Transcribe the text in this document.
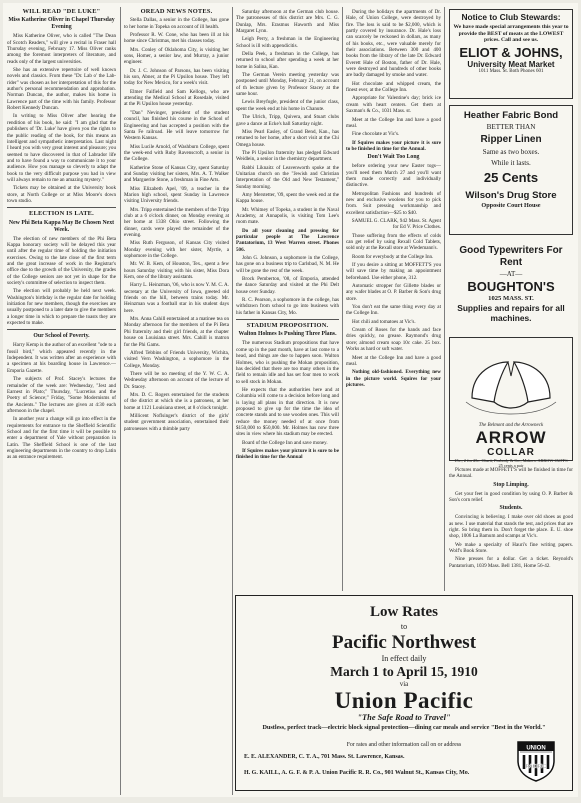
WILL READ "DE LUKE"

Miss Katherine Oliver in Chapel Thursday Evening

Miss Katherine Oliver, who is called "The Dean of Scotch Readers," will give a recital in Fraser hall Thursday evening, February 17. Miss Oliver ranks among the foremost interpreters of literature, and reads only of the largest universities.

She has an extensive repertoire of well known novels and classics. From these "Dr. Lab o' the Lab- rider" was chosen as her interpretation of this for the author's personal recommendation and approbation. Norman Duncan, the author, makes his home in Lawrence part of the time with his family. Professor Robert Kennedy Duncan.

In writing to Miss Oliver after hearing the rendition of his book, he said: "I am glad that the publishers of 'Dr. Luke' have given you the rights to the public reading of the book, for this means an intelligent and sympathetic interpretation. Last night I heard you with very great interest and pleasure; you seemed to have discovered in that of Labrador life and to have found a way to communicate it to your audience. How you manage so cleverly to adapt the book to the very difficult purpose you had in view will always remain to me an amazing mystery."

Tickets may be obtained at the University book store, at North College or at Miss Moore's down town studio.

ELECTION IS LATE.

New Phi Beta Kappa May Be Chosen Next Week.

The election of new members of the Phi Beta Kappa honorary society will be delayed this year until after the regular time of holding the initiation exercises. Owing to the late close of the first term and the great increase of work in the Registrar's office due to the growth of the University, the grades of the College seniors are not yet in shape for the society's committee of selection to inspect them.

The election will probably be held next week. Washington's birthday is the regular date for holding initiation for new members, though the exercises are usually postponed to a later date to give the members a longer time in which to prepare the toasts they are expected to make.

Our School of Poverty.

Harry Kemp is the author of an excellent "ode to a fossil bird," which appeared recently in the Independent. It was written after an experience with a specimen at his boarding house in Lawrence.—Emporia Gazette.

The subjects of Prof. Stacey's lectures the remainder of the week are: Wednesday, "Jest and Earnest in Plato;" Thursday, "Lucretius and the Poetry of Science;" Friday, "Some Modernisms of the Ancients." The lectures are given at 4:30 each afternoon in the chapel.

In another year a change will go into effect in the requirements for entrance to the Sheffield Scientific School and for the first time it will be possible to enter a department of Yale without preparation in Latin. The Sheffield School is one of the last engineering departments in the country to drop Latin as an entrance requirement.

OREAD NEWS NOTES.

Stella Dallas, a senior in the College, has gone to her home in Topeka on account of ill health.

Professor R. W. Cone, who has been ill at his home since Christmas, met his classes today.

Mrs. Conley of Oklahoma City, is visiting her sons, Homer, a senior law, and Murray, a junior engineer.

Dr. J. C. Johnson of Parsons, has been visiting his son, Abner, at the Pi Upsilon house. They left today for New Mexico, for a week's visit.

Elmer Faifield and Sam Kellogs, who are attending the Medical School at Rosedale, visited at the Pi Upsilon house yesterday.

"Dan" Nevinger, president of the student council, has finished his course in the School of Engineering and has accepted a position with the Santa Fe railroad. He will leave tomorrow for Western Kansas.

Miss Lucile Arnold, of Washburn College, spent the week-end with Ruby Ravenscroft, a senior in the College.

Katherine Stone of Kansas City, spent Saturday and Sunday visiting her sisters, Mrs. A. T. Walker and Marguerite Stone, a freshman in Fine Arts.

Miss Elizabeth Apel, '09, a teacher in the Marion high school, spent Sunday in Lawrence visiting University friends.

Mrs. Tripp entertained the members of the Tripp club at a 6 o'clock dinner, on Monday evening at her home at 1338 Ohio street. Following the dinner, cards were played the remainder of the evening.

Miss Ruth Ferguson, of Kansas City visited Monday evening with her sister, Myrtle, a sophomore in the College.

Mr. W. B. Kem, of Houston, Tex., spent a few hours Saturday visiting with his sister, Miss Dora Kem, one of the library assistants.

Harry L. Heinzman, '06, who is now Y. M. C. A. secretary at the University of Iowa, greeted old friends on the hill, between trains today. Mr. Heinzman was a football star in his student days here.

Mrs. Anna Cahill entertained at a matinee tea on Monday afternoon for the members of the Pi Beta Phi fraternity and their girl friends, at the chapter house on Louisiana street. Mrs. Cahill is matron for the Phi Gams.

Alfred Tebbins of Friends University, Wichita, visited Vern Washington, a sophomore in the College, Monday.

There will be no meeting of the Y. W. C. A. Wednesday afternoon on account of the lecture of Dr. Stacey.

Mrs. D. C. Rogers entertained for the students of the district at which she is a patroness, at her home at 1121 Louisiana street, at 8 o'clock tonight.

Millicent Noflsinger's district of the girls' student government association, entertained their patronesses with a thimble party

Saturday afternoon at the German club house. The patronesses of this district are Mrs. C. G. Dunlap, Mrs. Erasmus Haworth and Miss Margaret Lynn.

Leigh Perry, a freshman in the Engineering School is ill with appendicitis.

Della Peek, a freshman in the College, has returned to school after spending a week at her home in Salina, Kan.

The German Verein meeting yesterday was postponed until Monday, February 21, on account of th lecture given by Professor Stacey at the same hour.

Lewis Breyfogle, president of the junior class, spent the week end at his home in Chanute.

The Ulrich, Tripp, Quivera, and Stuart clubs gave a dance at Ecke's hall Saturday night.

Miss Pearl Easley, of Grand Bend, Kan., has returned to her home, after a short visit at the Chi Omega house.

The Pi Upsilon fraternity has pledged Edward Weidlein, a senior in the chemistry department.

Rabbi Liknaitz of Leavenworth spoke at the Unitarian church on the "Jewish and Christian Interpretation of the Old and New Testament," Sunday morning.

Amy Merstetter, '09, spent the week end at the Kappa house.

Mr. Whitney of Topeka, a student in the Naval Academy, at Annapolis, is visiting Tom Lee's room mate.

Do all your cleaning and pressing for particular people at The Lawrence Pantatorium, 13 West Warren street. Phones 506.

John G. Johnson, a sophomore in the College, has gone on a business trip to Carlsbad, N. M. He will be gone the rest of the week.

Brock Pemberton, '08, of Emporia, attended the dance Saturday and visited at the Phi Delt house over Sunday.

R. C. Pearson, a sophomore in the college, has withdrawn from school to go into business with his father in Kansas City, Mo.

STADIUM PROPOSITION.

Walton Holmes Is Pushing Three Plans.

The numerous Stadium propositions that have come up in the past month, have at last come to a head, and things are due to happen soon. Walton Holmes, who is pushing the Mokan proposition, has decided that there are too many others in the field to remain idle and has set four men to work to sell stock in Mokan.

He expects that the authorities here and at Columbia will come to a decision before long and is laying all plans in that direction. It is now proposed to give up for the time the idea of concrete stands and to use wooden ones. This will reduce the money needed of at once from $150,000 to $50,000. Mr. Holmes has now three sites in view where his stadium may be erected.

Board of the College Inn and save money.

If Squires makes your picture it is sure to be finished in time for the Annual

During the holidays the apartments of Dr. Hale, of Union College, were destroyed by fire. The loss is said to be $2,000, which is partly covered by insurance. Dr. Hale's loss can scarcely be reckoned in dollars, as many of his books, etc., were valuable merely for their associations. Between 300 and 400 books from the library of the late Dr. Edward Everett Hale of Boston, father of Dr. Hale, were destroyed and hundreds of other books are badly damaged by smoke and water.

Hot chocolate and whipped cream, the finest ever, at the College Inn.

Appropriate for Valentine's day; brick ice cream with heart centers. Get them at Saxman's & Co., 1031 Mass. st.

Meet at the College Inn and have a good meal.

Fine chocolate at Vic's.

If Squires makes your picture it is sure to be finished in time for the Annual.

Don't Wait Too Long

before ordering your new Easter togs—you'll need them March 27 and you'll want them made correctly and individually distinctive.

Metropolitan Fashions and hundreds of new and exclusive woolens for you to pick from. Suit pressing workmanship and excellent satisfaction—$25 to $40.

SAMUEL G. CLARK, 942 Mass. St. Agent for Ed V. Price Clothes.

Those suffering from the effects of colds can get relief by using Rexall Cold Tablets, sold only at the Rexall store at Wiedemann's.

Room for everybody at the College Inn.

If you desire a sitting at MOFFETT'S you will save time by making an appointment beforehand. Use either phone, 312.

Automatic stropper for Gillette blades or any wafer blades at O. P. Barber & Son's drug store.

You don't eat the same thing every day at the College Inn.

Hot chili and tomatoes at Vic's.

Cream of Roses for the hands and face dries quickly, no grease. Raymond's drug store; almond cream soap 10c cake. 25 box. Works as hard or soft water.

Meet at the College Inn and have a good meal.

Nothing old-fashioned. Everything new in the picture world. Squires for your pictures.

Notice to Club Stewards:
We have made special arrangements this year to provide the BEST of meats at the LOWEST prices. Call and see us.
ELIOT & JOHNS,
University Meat Market
1011 Mass. St. Both Phones 601
Heather Fabric Bond
BETTER THAN
Ripper Linen
Same as two boxes.
While it lasts.
25 Cents
Wilson's Drug Store
Opposite Court House
Good Typewriters For Rent
—AT—
BOUGHTON'S
1025 MASS. ST.
Supplies and repairs for all machines.
The Belmont and the Arrowneck
ARROW
COLLAR
15c., 2 for 25c. Cluett, Peabody & Co., Makers. ARROW CUFFS 25 cents a pair

Pictures made at MOFFETT'S will be finished in time for the Annual.

Stop Limping.

Get your feet in good condition by using O. P. Barber & Son's corn relief.

Students.

Convincing is believing. I make over old shoes as good as new. I use material that stands the test, and prices that are right. So bring them in. Don't forget the place. E. U. shoe shop, 1006 La Bamum and scamps at Vic's.

We make a specialty of Hauri's fine writing papers. Wolf's Book Store.

Nine presses for a dollar. Get a ticket. Reynold's Pantatorium, 1039 Mass. Bell 1381, Home 56-42.

Low Rates
to
Pacific Northwest
In effect daily
March 1 to April 15, 1910
via
Union Pacific
"The Safe Road to Travel"
Dustless, perfect track—electric block signal protection—dining car meals and service "Best in the World."
For rates and other information call on or address
E. E. ALEXANDER, C. T. A., 701 Mass. St. Lawrence, Kansas.
H. G. KAILL, A. G. F. & P. A. Union Pacific R. R. Co., 901 Walnut St., Kansas City, Mo.
UNION
PACIFIC
